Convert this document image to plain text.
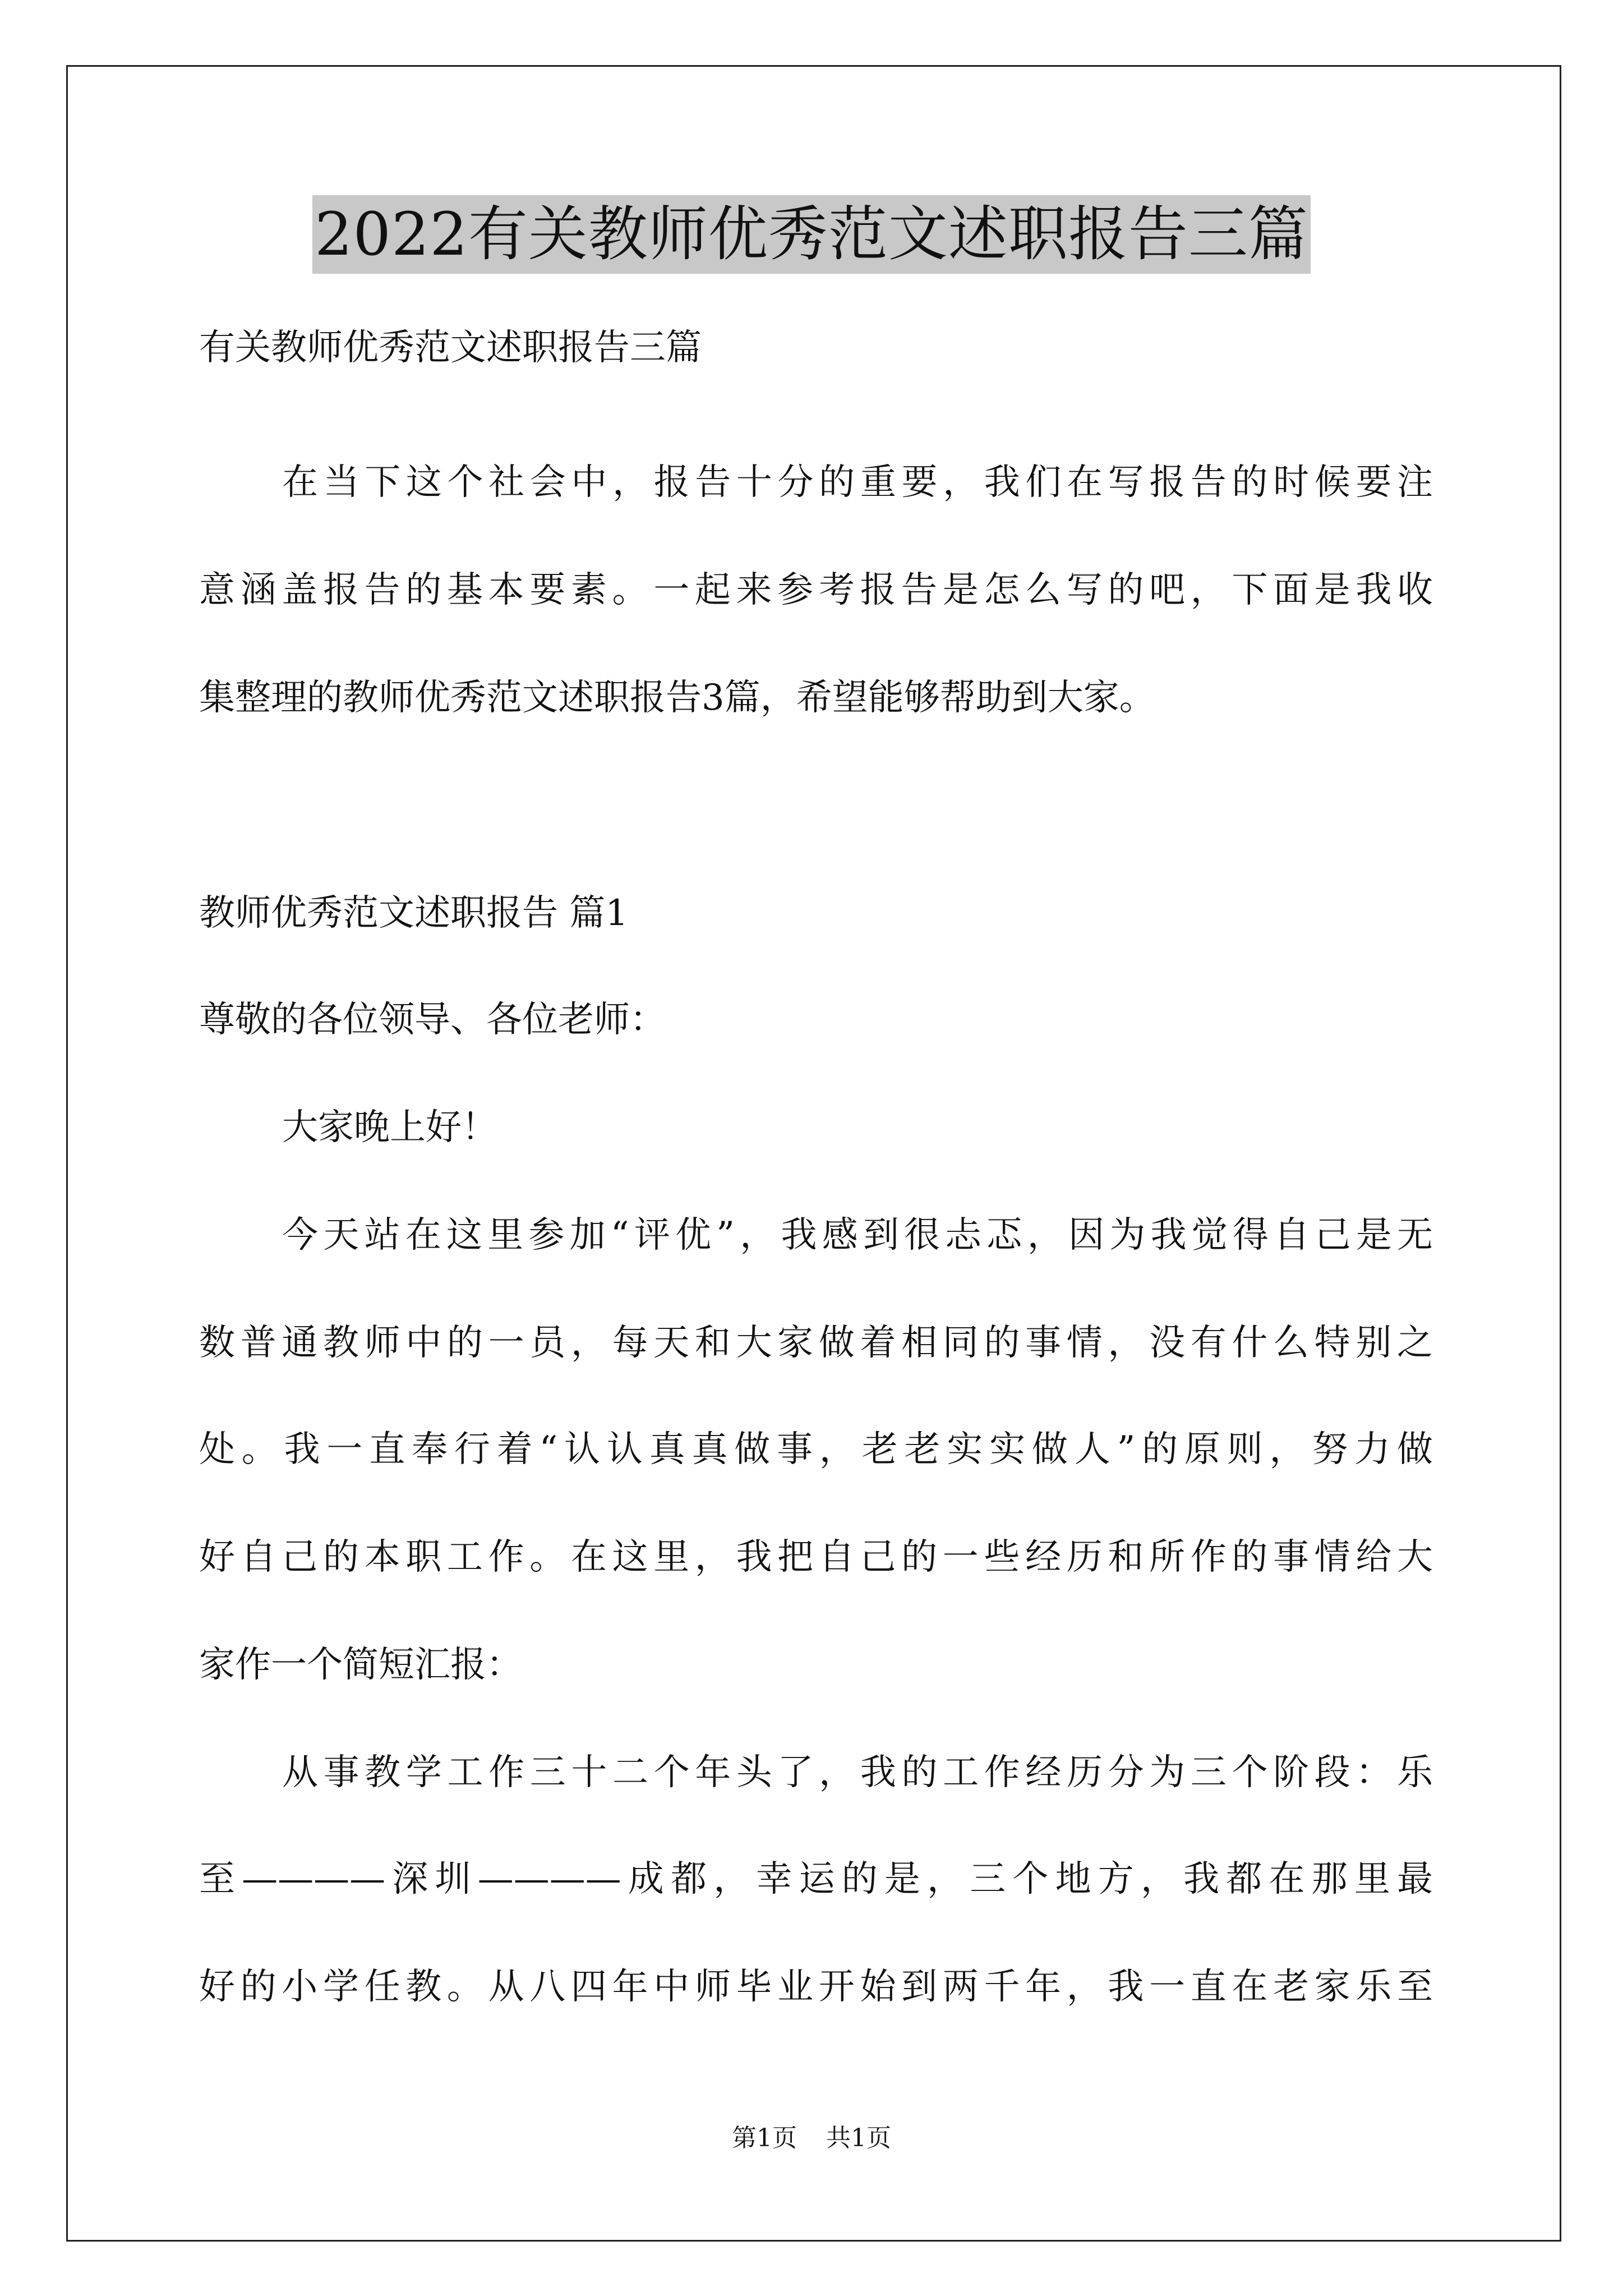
2022有关教师优秀范文述职报告三篇
有关教师优秀范文述职报告三篇
在当下这个社会中，报告十分的重要，我们在写报告的时候要注
意涵盖报告的基本要素。一起来参考报告是怎么写的吧，下面是我收
集整理的教师优秀范文述职报告3篇，希望能够帮助到大家。
教师优秀范文述职报告 篇1
尊敬的各位领导、各位老师：
大家晚上好！
今天站在这里参加“评优”，我感到很忐忑，因为我觉得自己是无
数普通教师中的一员，每天和大家做着相同的事情，没有什么特别之
处。我一直奉行着“认认真真做事，老老实实做人”的原则，努力做
好自己的本职工作。在这里，我把自己的一些经历和所作的事情给大
家作一个简短汇报：
从事教学工作三十二个年头了，我的工作经历分为三个阶段：乐
至————深圳————成都，幸运的是，三个地方，我都在那里最
好的小学任教。从八四年中师毕业开始到两千年，我一直在老家乐至
第1页 共1页
